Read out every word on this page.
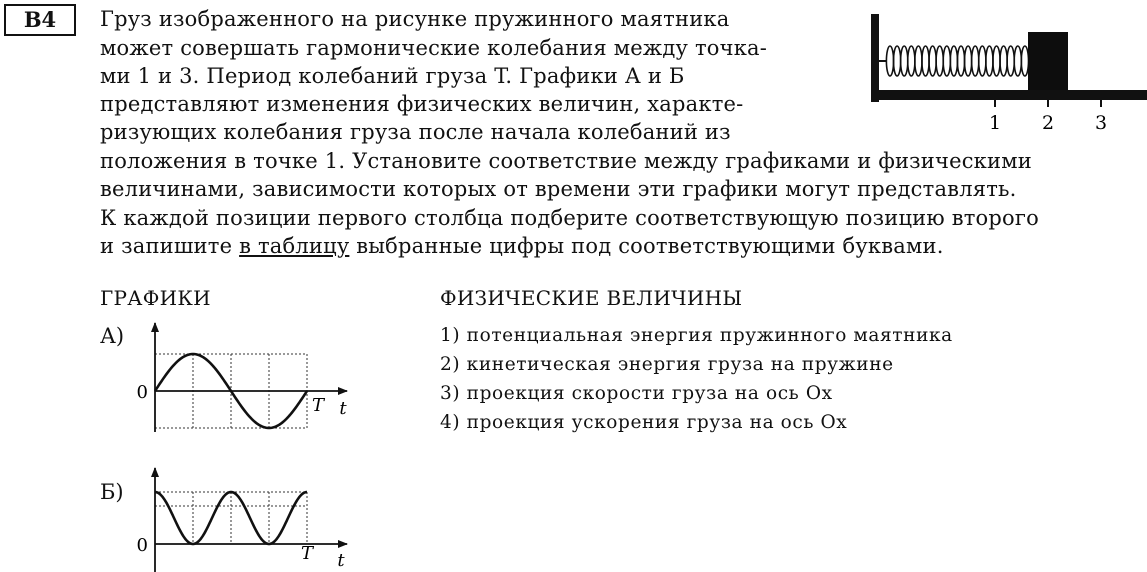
B4	Груз изображенного на рисунке пружинного маятника
может совершать гармонические колебания между точка-
ми 1 и 3. Период колебаний груза T. Графики А и Б
представляют изменения физических величин, характе-
ризующих колебания груза после начала колебаний из
положения в точке 1. Установите соответствие между графиками и физическими
величинами, зависимости которых от времени эти графики могут представлять.
К каждой позиции первого столбца подберите соответствующую позицию второго
и запишите в таблицу выбранные цифры под соответствующими буквами.
1 2 3
ГРАФИКИ	ФИЗИЧЕСКИЕ ВЕЛИЧИНЫ
А)
Б)
0
T t
0	T t
1) потенциальная энергия пружинного маятника
2) кинетическая энергия груза на пружине
3) проекция скорости груза на ось Ox
4) проекция ускорения груза на ось Ox
